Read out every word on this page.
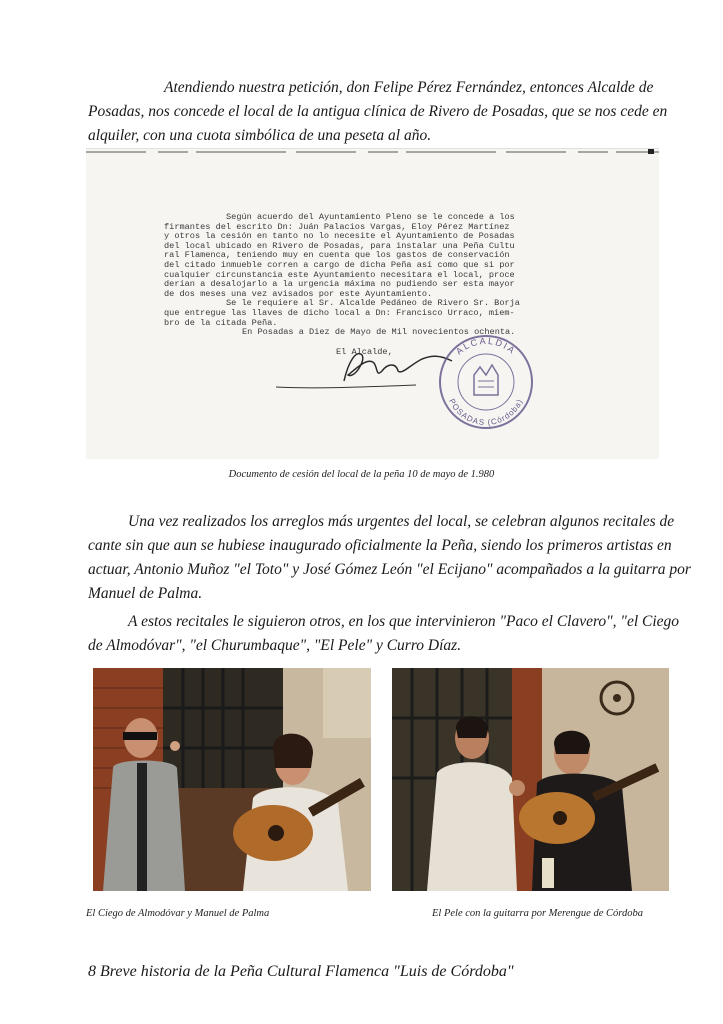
Atendiendo nuestra petición, don Felipe Pérez Fernández, entonces Alcalde de
Posadas, nos concede el local de la antigua clínica de Rivero de Posadas, que se nos cede en
alquiler, con una cuota simbólica de una peseta al año.
Según acuerdo del Ayuntamiento Pleno se le concede a los
firmantes del escrito Dn: Juán Palacios Vargas, Eloy Pérez Martínez
y otros la cesión en tanto no lo necesite el Ayuntamiento de Posadas
del local ubicado en Rivero de Posadas, para instalar una Peña Cultu
ral Flamenca, teniendo muy en cuenta que los gastos de conservación
del citado inmueble corren a cargo de dicha Peña así como que si por
cualquier circunstancia este Ayuntamiento necesitara el local, proce
derían a desalojarlo a la urgencia máxima no pudiendo ser esta mayor
de dos meses una vez avisados por este Ayuntamiento.
Se le requiere al Sr. Alcalde Pedáneo de Rivero Sr. Borja
que entregue las llaves de dicho local a Dn: Francisco Urraco, miem-
bro de la citada Peña.
En Posadas a Diez de Mayo de Mil novecientos ochenta.
El Alcalde,	ALCALDIA
POSADAS (Córdoba)
Documento de cesión del local de la peña 10 de mayo de 1.980
Una vez realizados los arreglos más urgentes del local, se celebran algunos recitales de
cante sin que aun se hubiese inaugurado oficialmente la Peña, siendo los primeros artistas en
actuar, Antonio Muñoz "el Toto" y José Gómez León "el Ecijano" acompañados a la guitarra por
Manuel de Palma.
A estos recitales le siguieron otros, en los que intervinieron "Paco el Clavero", "el Ciego
de Almodóvar", "el Churumbaque", "El Pele" y Curro Díaz.
El Ciego de Almodóvar y Manuel de Palma	El Pele con la guitarra por Merengue de Córdoba
8 Breve historia de la Peña Cultural Flamenca "Luis de Córdoba"
